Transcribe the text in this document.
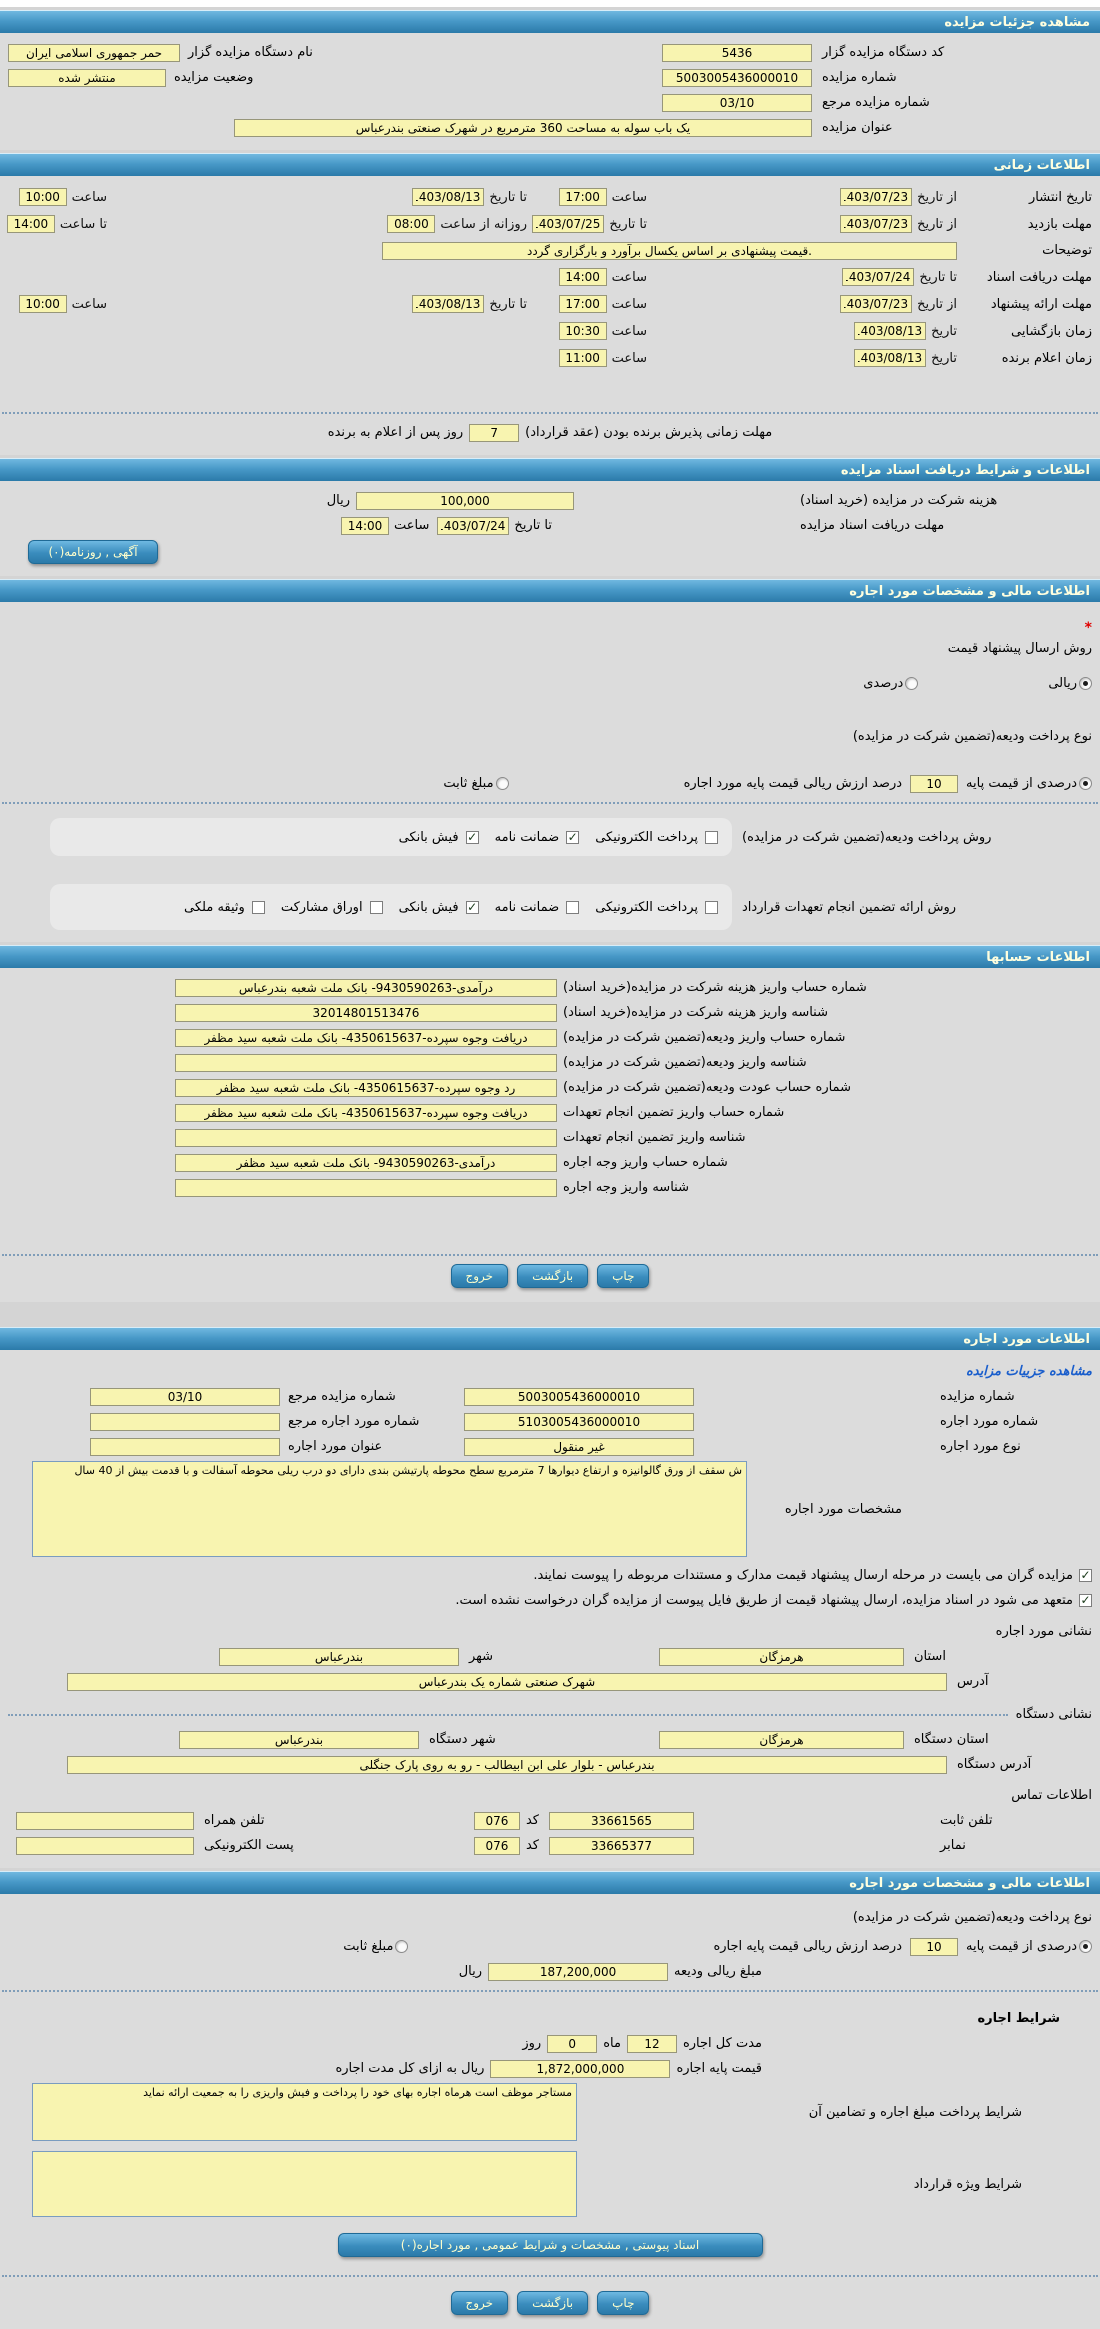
مشاهده جزئیات مزایده
کد دستگاه مزایده گزار
5436
نام دستگاه مزایده گزار
حمر جمهوری اسلامی ایران
شماره مزایده
5003005436000010
وضعیت مزایده
منتشر شده
شماره مزایده مرجع
03/10
عنوان مزایده
یک باب سوله به مساحت 360 مترمربع در شهرک صنعتی بندرعباس
اطلاعات زمانی
تاریخ انتشار
از تاریخ
1403/07/23
ساعت
17:00
تا تاریخ
1403/08/13
ساعت
10:00
مهلت بازدید
از تاریخ
1403/07/23
تا تاریخ
1403/07/25
روزانه از ساعت
08:00
تا ساعت
14:00
توضیحات
.قیمت پیشنهادی بر اساس یکسال برآورد و بارگزاری گردد
مهلت دریافت اسناد
تا تاریخ
1403/07/24
ساعت
14:00
مهلت ارائه پیشنهاد
از تاریخ
1403/07/23
ساعت
17:00
تا تاریخ
1403/08/13
ساعت
10:00
زمان بازگشایی
تاریخ
1403/08/13
ساعت
10:30
زمان اعلام برنده
تاریخ
1403/08/13
ساعت
11:00
مهلت زمانی پذیرش برنده بودن (عقد قرارداد)
7
روز پس از اعلام به برنده
اطلاعات و شرایط دریافت اسناد مزایده
هزینه شرکت در مزایده (خرید اسناد)
100,000
ریال
مهلت دریافت اسناد مزایده
تا تاریخ
1403/07/24
ساعت
14:00
آگهی , روزنامه(۰)
اطلاعات مالی و مشخصات مورد اجاره
*
روش ارسال پیشنهاد قیمت
ریالی
درصدی
نوع پرداخت ودیعه(تضمین شرکت در مزایده)
درصدی از قیمت پایه
10
درصد ارزش ریالی قیمت پایه مورد اجاره
مبلغ ثابت
روش پرداخت ودیعه(تضمین شرکت در مزایده)
پرداخت الکترونیکی
✓
ضمانت نامه
✓
فیش بانکی
روش ارائه تضمین انجام تعهدات قرارداد
پرداخت الکترونیکی
ضمانت نامه
✓
فیش بانکی
اوراق مشارکت
وثیقه ملکی
اطلاعات حسابها
شماره حساب واریز هزینه شرکت در مزایده(خرید اسناد)
درآمدی-9430590263- بانک ملت شعبه بندرعباس
شناسه واریز هزینه شرکت در مزایده(خرید اسناد)
32014801513476
شماره حساب واریز ودیعه(تضمین شرکت در مزایده)
دریافت وجوه سپرده-4350615637- بانک ملت شعبه سید مظفر
شناسه واریز ودیعه(تضمین شرکت در مزایده)
شماره حساب عودت ودیعه(تضمین شرکت در مزایده)
رد وجوه سپرده-4350615637- بانک ملت شعبه سید مظفر
شماره حساب واریز تضمین انجام تعهدات
دریافت وجوه سپرده-4350615637- بانک ملت شعبه سید مظفر
شناسه واریز تضمین انجام تعهدات
شماره حساب واریز وجه اجاره
درآمدی-9430590263- بانک ملت شعبه سید مظفر
شناسه واریز وجه اجاره
چاپ
بازگشت
خروج
اطلاعات مورد اجاره
مشاهده جزییات مزایده
شماره مزایده
5003005436000010
شماره مزایده مرجع
03/10
شماره مورد اجاره
5103005436000010
شماره مورد اجاره مرجع
نوع مورد اجاره
غیر منقول
عنوان مورد اجاره
مشخصات مورد اجاره
ش سقف از ورق گالوانیزه و ارتفاع دیوارها 7 مترمربع سطح محوطه پارتیشن بندی دارای دو درب ریلی محوطه آسفالت و با قدمت بیش از 40 سال
✓
مزایده گران می بایست در مرحله ارسال پیشنهاد قیمت مدارک و مستندات مربوطه را پیوست نمایند.
✓
متعهد می شود در اسناد مزایده، ارسال پیشنهاد قیمت از طریق فایل پیوست از مزایده گران درخواست نشده است.
نشانی مورد اجاره
استان
هرمزگان
شهر
بندرعباس
آدرس
شهرک صنعتی شماره یک بندرعباس
نشانی دستگاه
استان دستگاه
هرمزگان
شهر دستگاه
بندرعباس
آدرس دستگاه
بندرعباس - بلوار علی ابن ابیطالب - رو به روی پارک جنگلی
اطلاعات تماس
تلفن ثابت
33661565
کد
076
تلفن همراه
نمابر
33665377
کد
076
پست الکترونیکی
اطلاعات مالی و مشخصات مورد اجاره
نوع پرداخت ودیعه(تضمین شرکت در مزایده)
درصدی از قیمت پایه
10
درصد ارزش ریالی قیمت پایه اجاره
مبلغ ثابت
مبلغ ریالی ودیعه
187,200,000
ریال
شرایط اجاره
مدت کل اجاره
12
ماه
0
روز
قیمت پایه اجاره
1,872,000,000
ریال به ازای کل مدت اجاره
شرایط پرداخت مبلغ اجاره و تضامین آن
مستاجر موظف است هرماه اجاره بهای خود را پرداخت و فیش واریزی را به جمعیت ارائه نماید
شرایط ویژه قرارداد
اسناد پیوستی , مشخصات و شرایط عمومی , مورد اجاره(۰)
چاپ
بازگشت
خروج
